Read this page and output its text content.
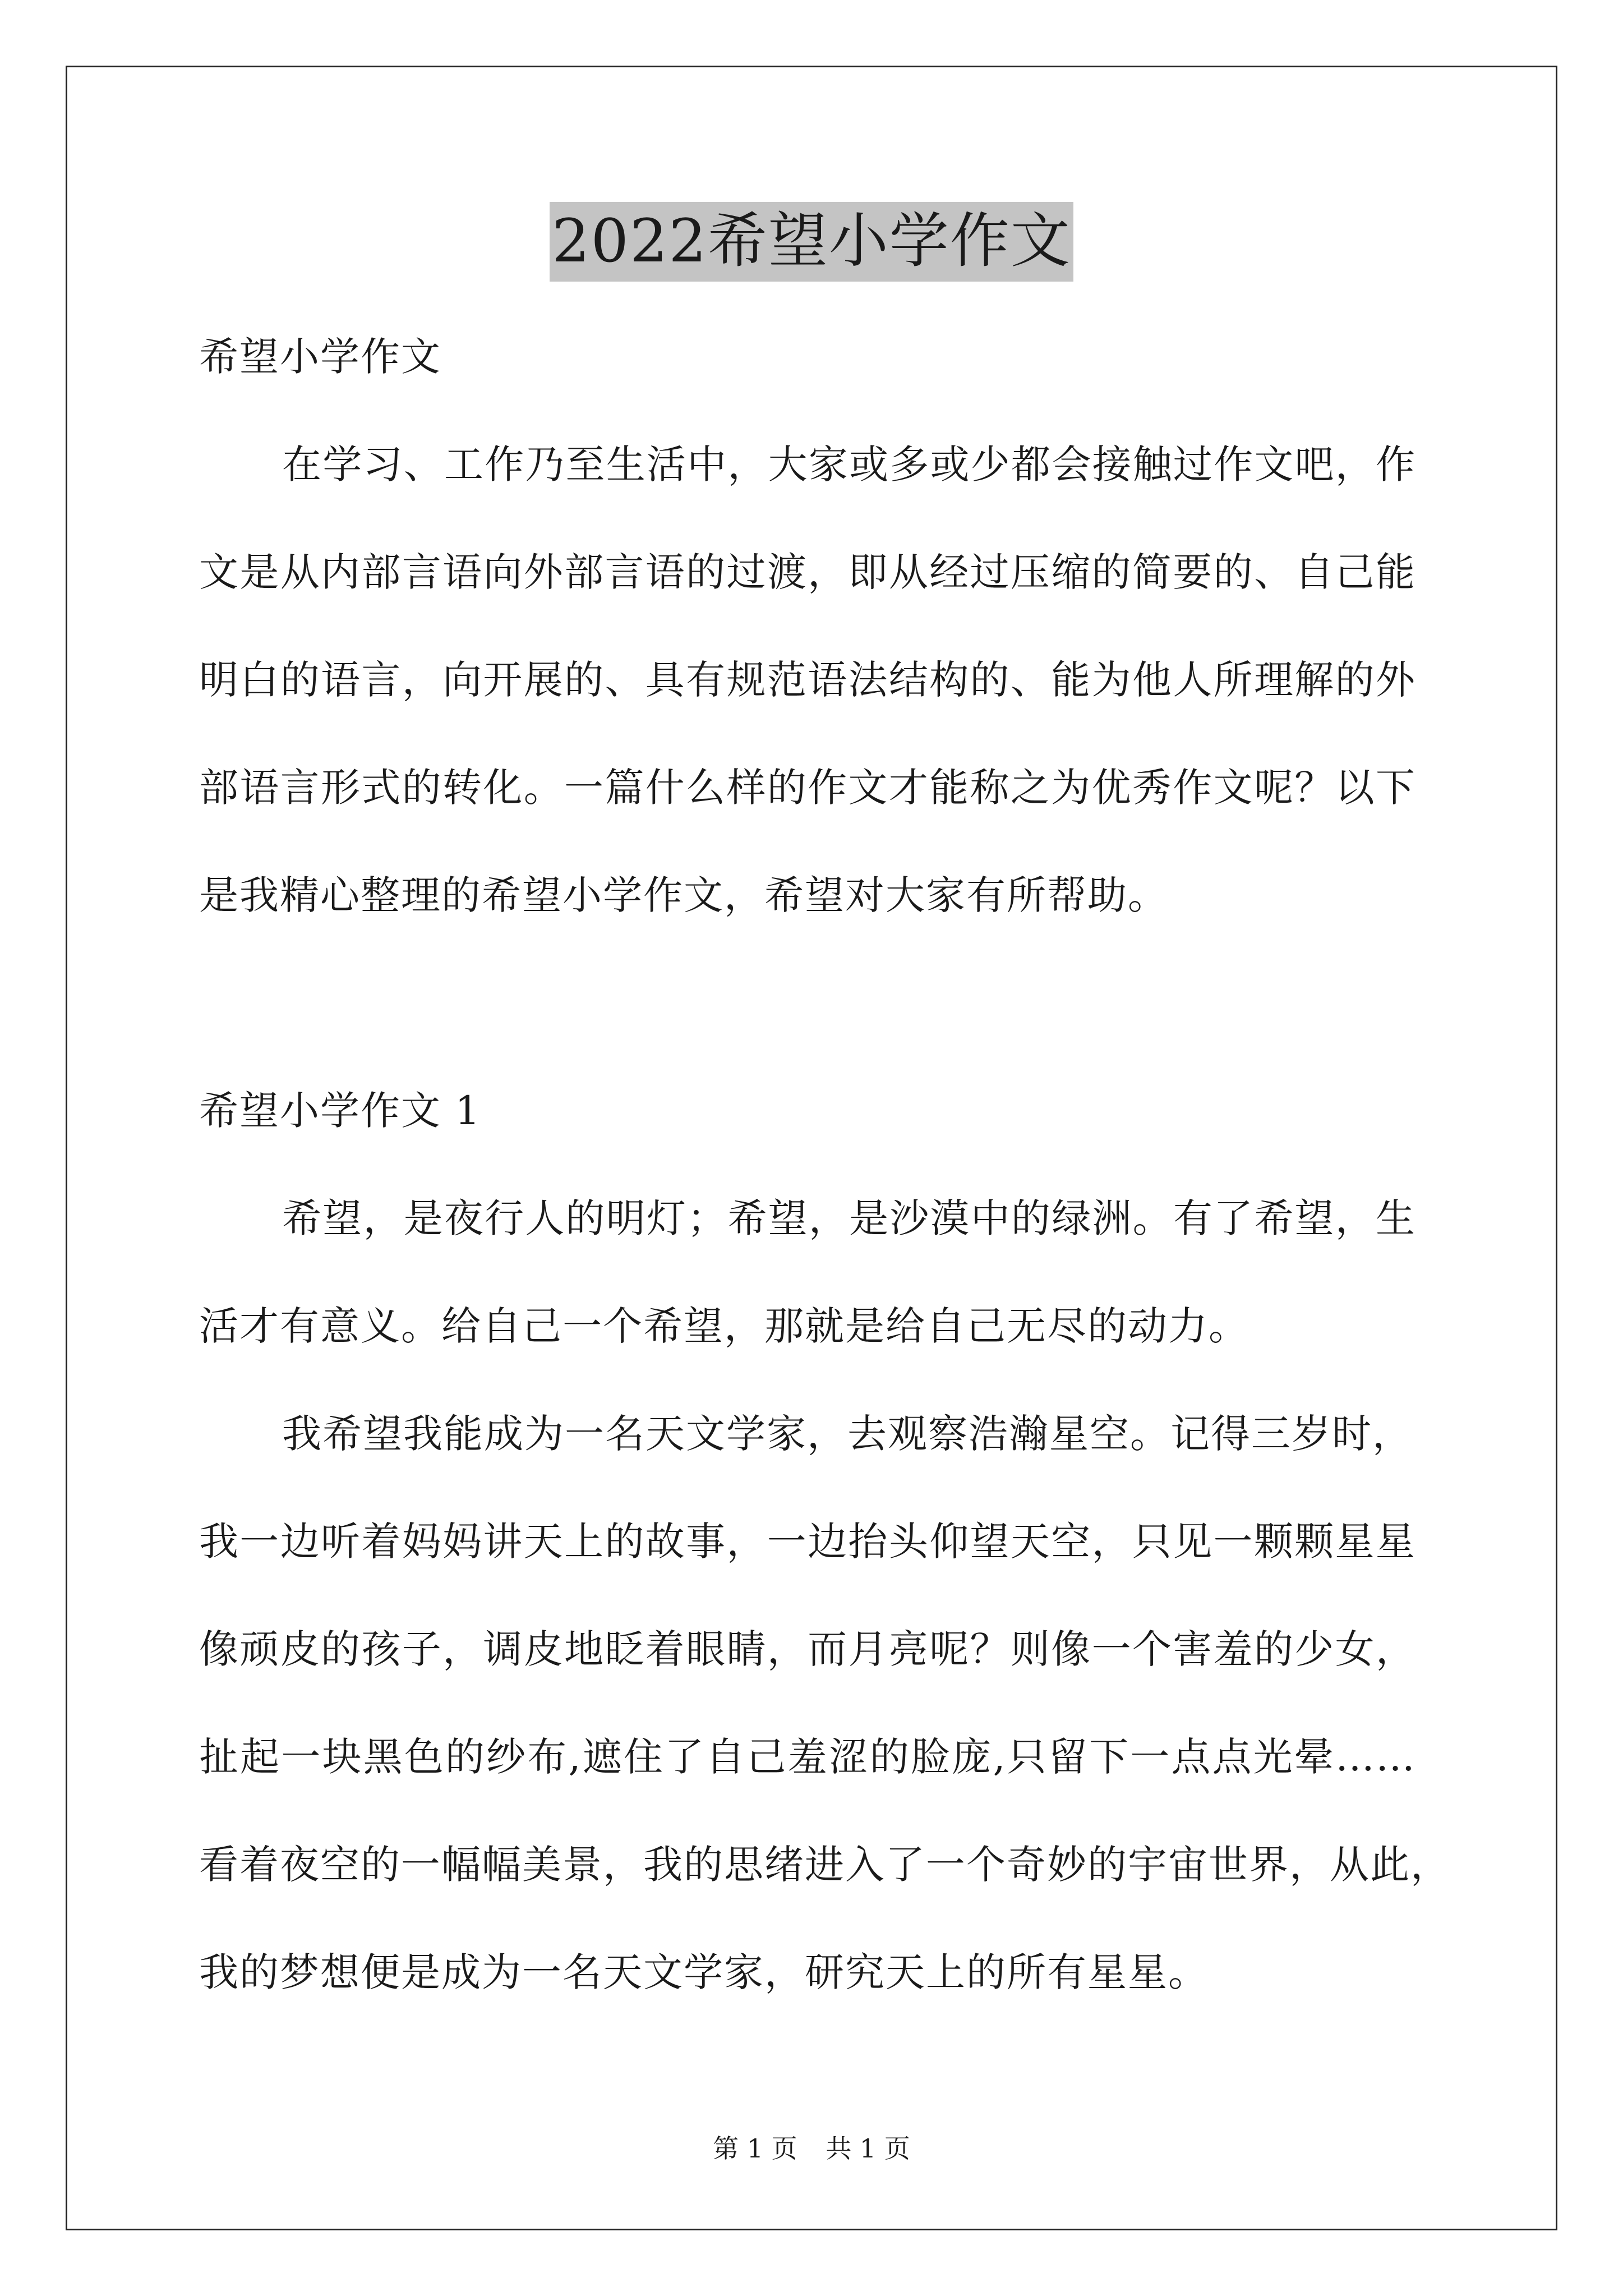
2022希望小学作文

希望小学作文

在学习、工作乃至生活中，大家或多或少都会接触过作文吧，作

文是从内部言语向外部言语的过渡，即从经过压缩的简要的、自己能

明白的语言，向开展的、具有规范语法结构的、能为他人所理解的外

部语言形式的转化。一篇什么样的作文才能称之为优秀作文呢？以下

是我精心整理的希望小学作文，希望对大家有所帮助。

希望小学作文 1

希望，是夜行人的明灯；希望，是沙漠中的绿洲。有了希望，生

活才有意义。给自己一个希望，那就是给自己无尽的动力。

我希望我能成为一名天文学家，去观察浩瀚星空。记得三岁时，

我一边听着妈妈讲天上的故事，一边抬头仰望天空，只见一颗颗星星

像顽皮的孩子，调皮地眨着眼睛，而月亮呢？则像一个害羞的少女，

扯起一块黑色的纱布,遮住了自己羞涩的脸庞,只留下一点点光晕……

看着夜空的一幅幅美景，我的思绪进入了一个奇妙的宇宙世界，从此，

我的梦想便是成为一名天文学家，研究天上的所有星星。

第 1 页 共 1 页
